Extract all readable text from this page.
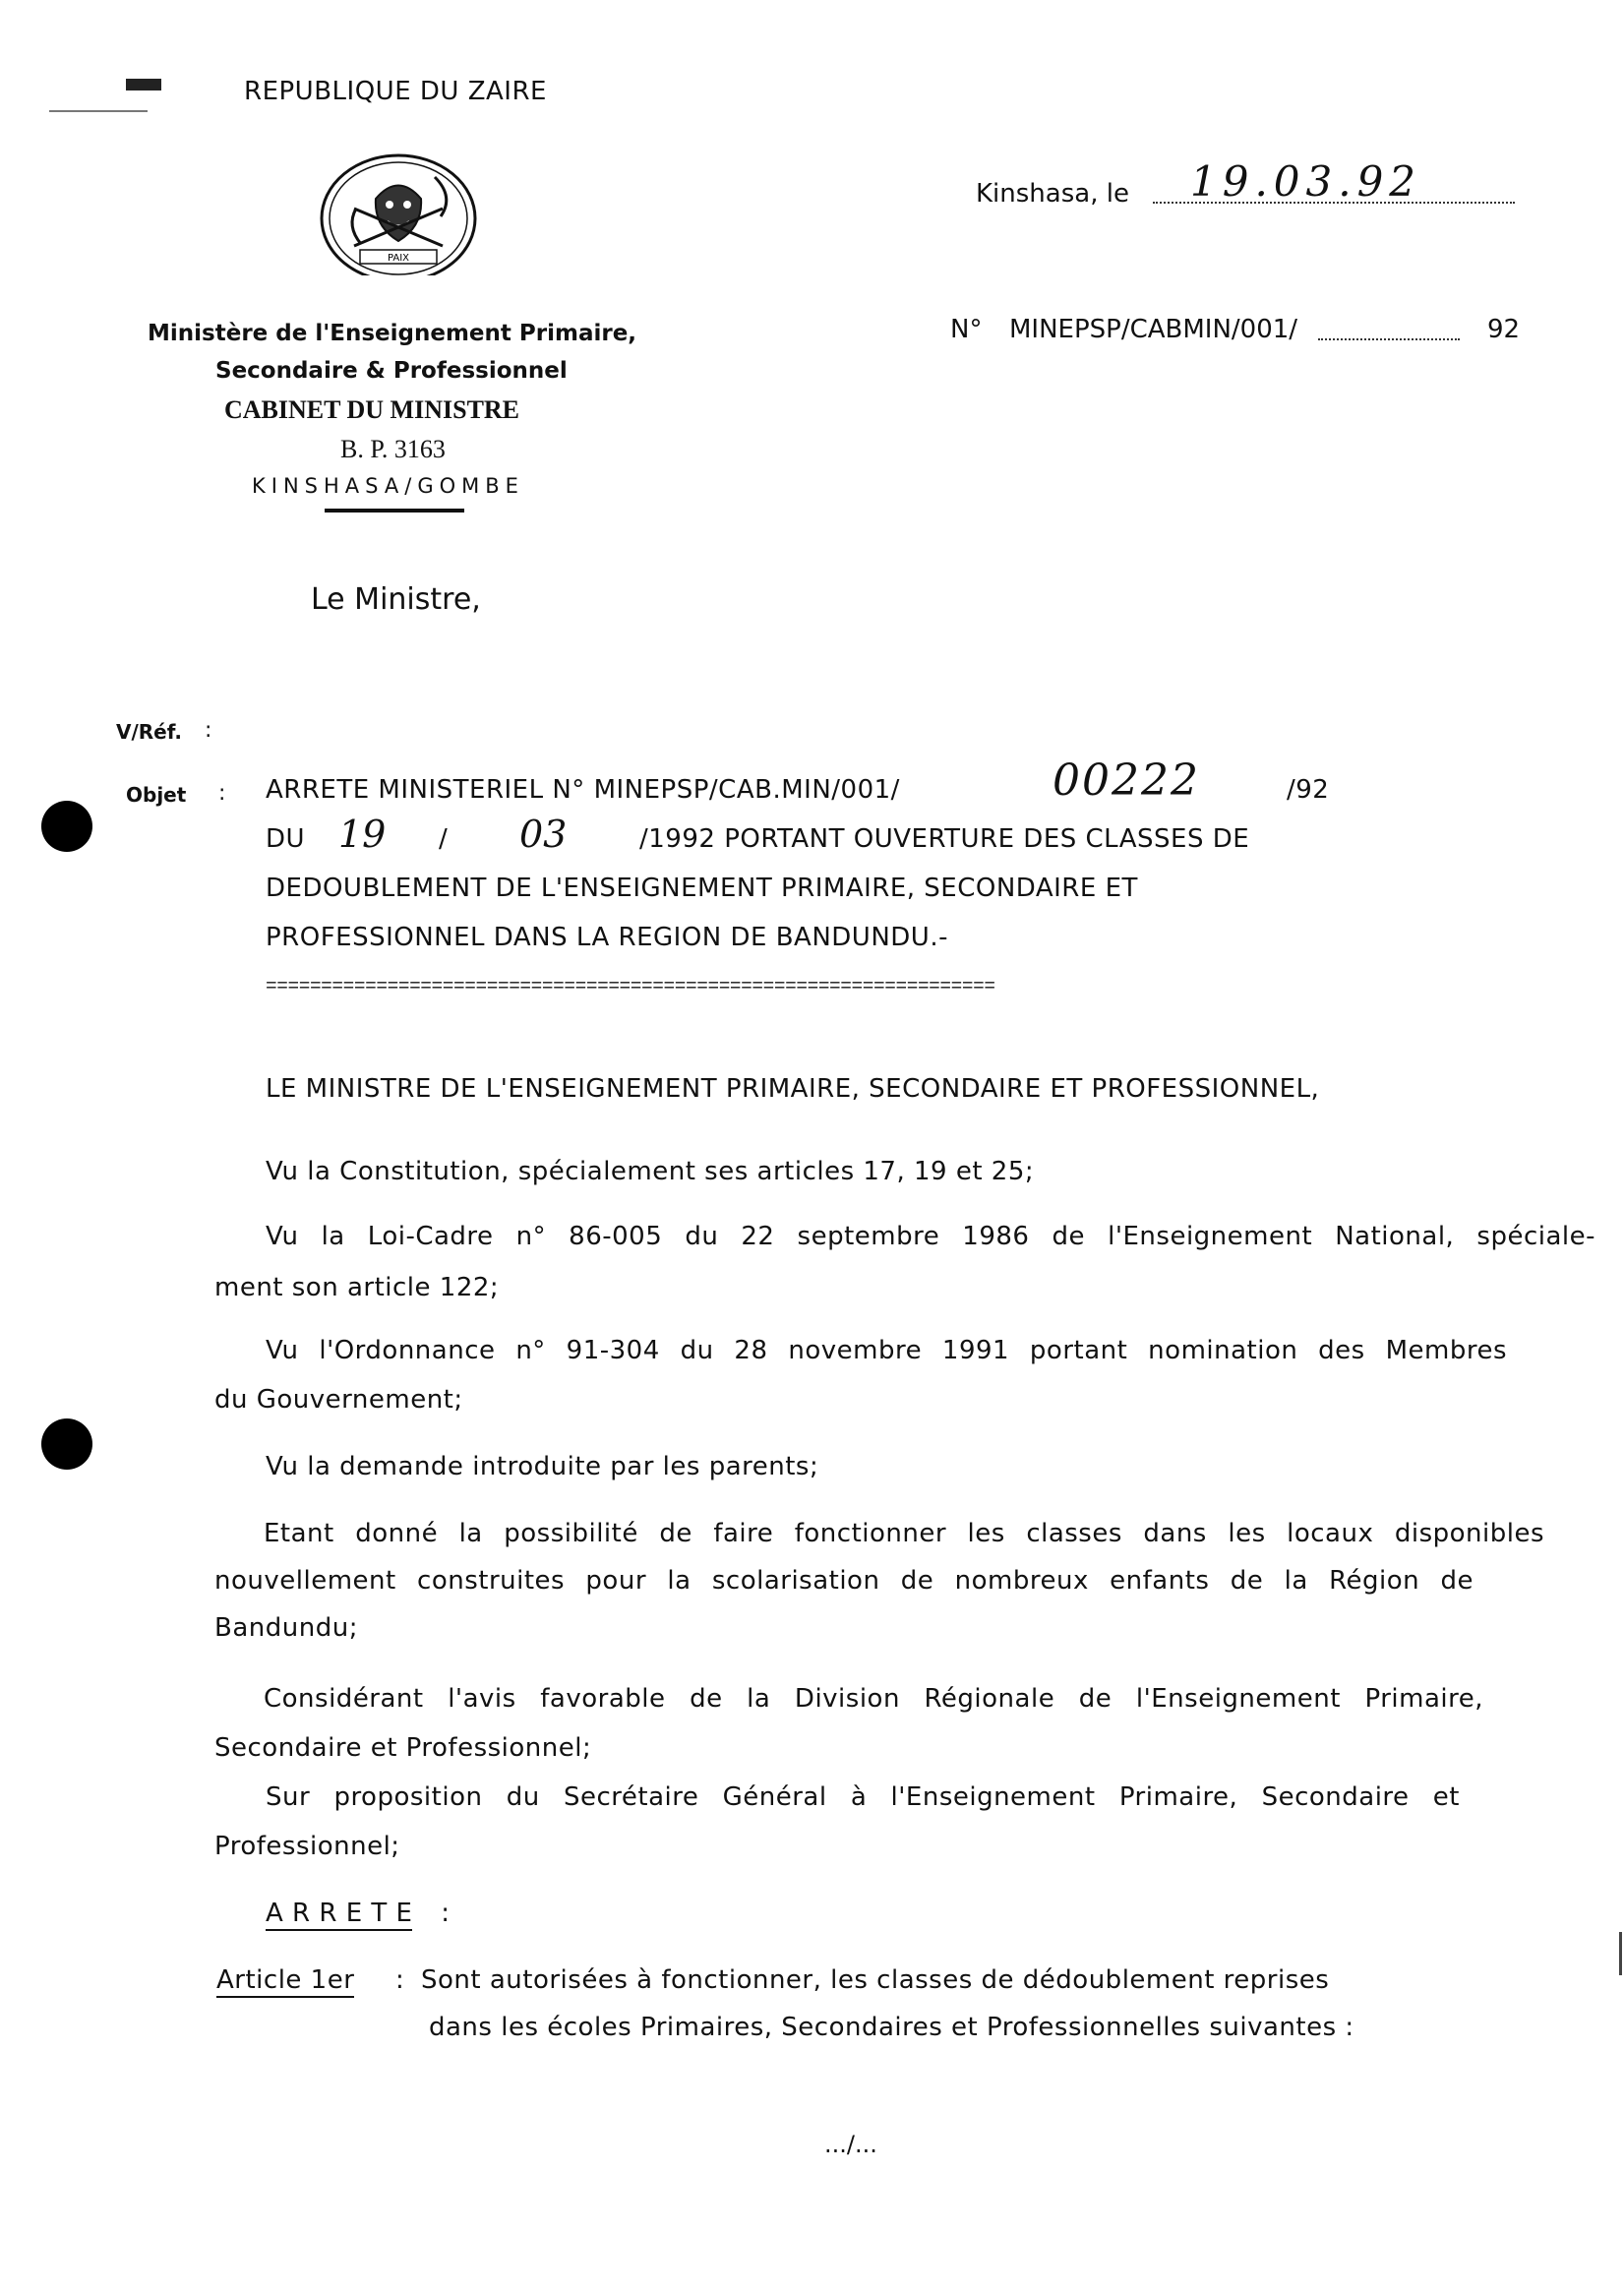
REPUBLIQUE DU ZAIRE
PAIX
Ministère de l'Enseignement Primaire,
Secondaire & Professionnel
CABINET DU MINISTRE
B. P. 3163
KINSHASA/GOMBE
Kinshasa, le 19.03.92
N° MINEPSP/CABMIN/001/	92
Le Ministre,
V/Réf. :
Objet : ARRETE MINISTERIEL N° MINEPSP/CAB.MIN/001/	00222	/92
DU 19 / 03	/1992 PORTANT OUVERTURE DES CLASSES DE
DEDOUBLEMENT DE L'ENSEIGNEMENT PRIMAIRE, SECONDAIRE ET
PROFESSIONNEL DANS LA REGION DE BANDUNDU.-
==================================================================
LE MINISTRE DE L'ENSEIGNEMENT PRIMAIRE, SECONDAIRE ET PROFESSIONNEL,
Vu la Constitution, spécialement ses articles 17, 19 et 25;
Vu la Loi-Cadre n° 86-005 du 22 septembre 1986 de l'Enseignement National, spéciale-
ment son article 122;
Vu l'Ordonnance n° 91-304 du 28 novembre 1991 portant nomination des Membres
du Gouvernement;
Vu la demande introduite par les parents;
Etant donné la possibilité de faire fonctionner les classes dans les locaux disponibles
nouvellement construites pour la scolarisation de nombreux enfants de la Région de
Bandundu;
Considérant l'avis favorable de la Division Régionale de l'Enseignement Primaire,
Secondaire et Professionnel;
Sur proposition du Secrétaire Général à l'Enseignement Primaire, Secondaire et
Professionnel;
A R R E T E :
Article 1er : Sont autorisées à fonctionner, les classes de dédoublement reprises
dans les écoles Primaires, Secondaires et Professionnelles suivantes :
.../...
